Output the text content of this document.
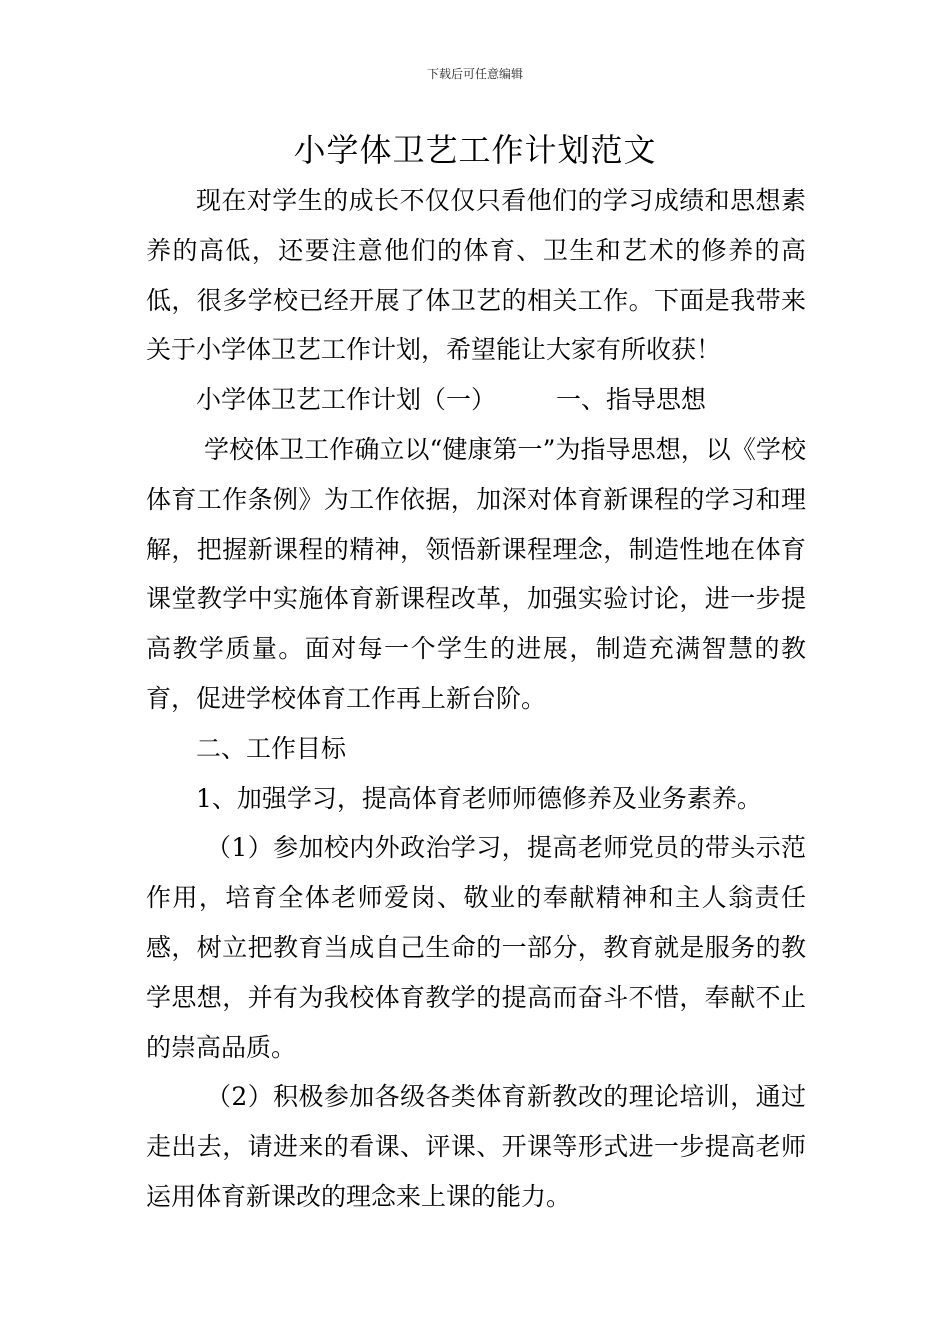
下载后可任意编辑
小学体卫艺工作计划范文

现在对学生的成长不仅仅只看他们的学习成绩和思想素养的高低，还要注意他们的体育、卫生和艺术的修养的高低，很多学校已经开展了体卫艺的相关工作。下面是我带来关于小学体卫艺工作计划，希望能让大家有所收获！

小学体卫艺工作计划（一） 一、指导思想

学校体卫工作确立以“健康第一”为指导思想，以《学校体育工作条例》为工作依据，加深对体育新课程的学习和理解，把握新课程的精神，领悟新课程理念，制造性地在体育课堂教学中实施体育新课程改革，加强实验讨论，进一步提高教学质量。面对每一个学生的进展，制造充满智慧的教育，促进学校体育工作再上新台阶。

二、工作目标

1、加强学习，提高体育老师师德修养及业务素养。

（1）参加校内外政治学习，提高老师党员的带头示范作用，培育全体老师爱岗、敬业的奉献精神和主人翁责任感，树立把教育当成自己生命的一部分，教育就是服务的教学思想，并有为我校体育教学的提高而奋斗不惜，奉献不止的崇高品质。

（2）积极参加各级各类体育新教改的理论培训，通过走出去，请进来的看课、评课、开课等形式进一步提高老师运用体育新课改的理念来上课的能力。
